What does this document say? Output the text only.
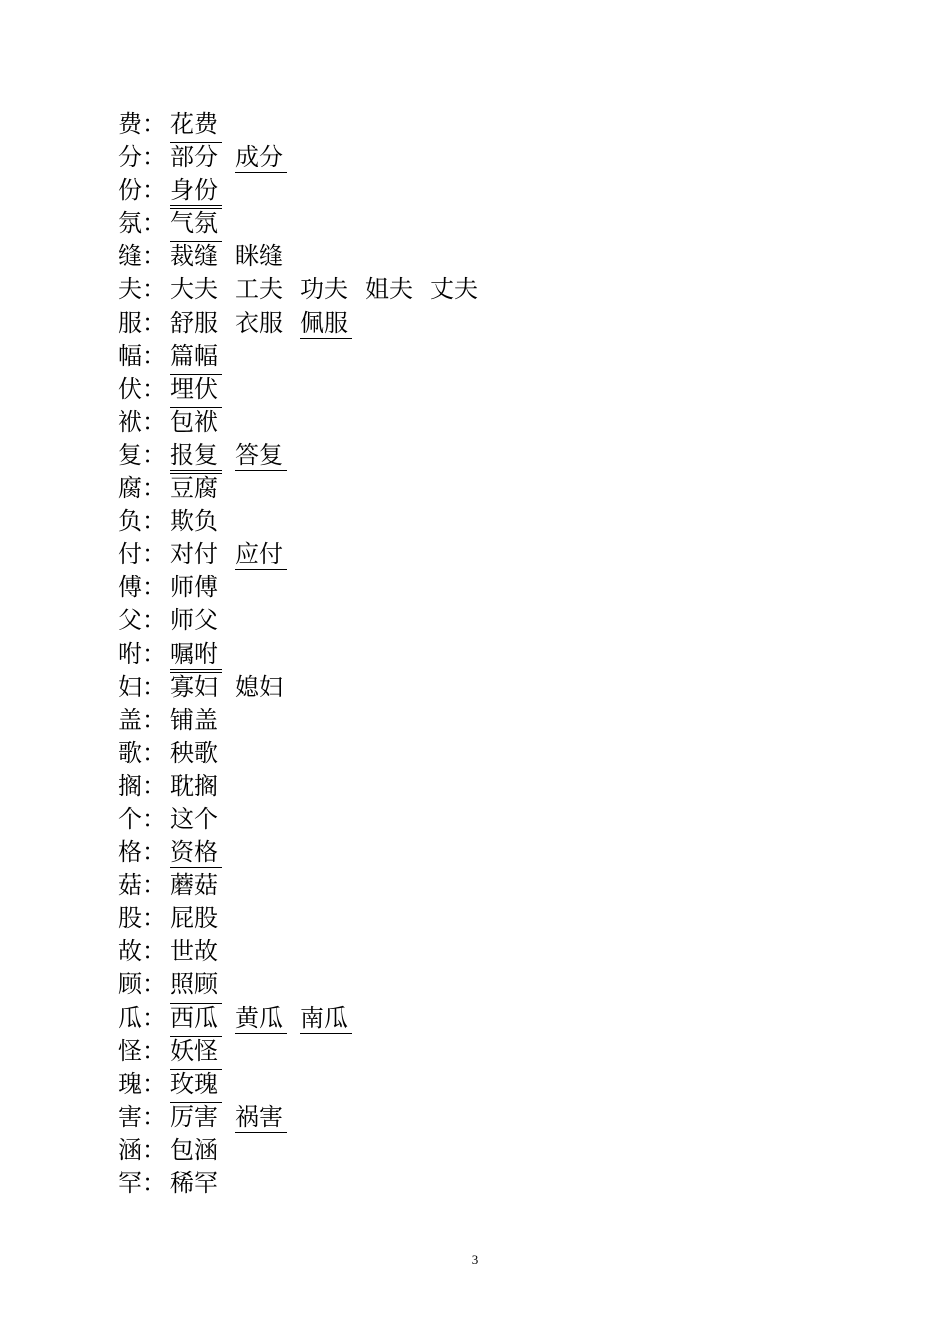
费： 花费
分： 部分 成分
份： 身份
氛： 气氛
缝： 裁缝 眯缝
夫： 大夫 工夫 功夫 姐夫 丈夫
服： 舒服 衣服 佩服
幅： 篇幅
伏： 埋伏
袱： 包袱
复： 报复 答复
腐： 豆腐
负： 欺负
付： 对付 应付
傅： 师傅
父： 师父
咐： 嘱咐
妇： 寡妇 媳妇
盖： 铺盖
歌： 秧歌
搁： 耽搁
个： 这个
格： 资格
菇： 蘑菇
股： 屁股
故： 世故
顾： 照顾
瓜： 西瓜 黄瓜 南瓜
怪： 妖怪
瑰： 玫瑰
害： 厉害 祸害
涵： 包涵
罕： 稀罕
3
